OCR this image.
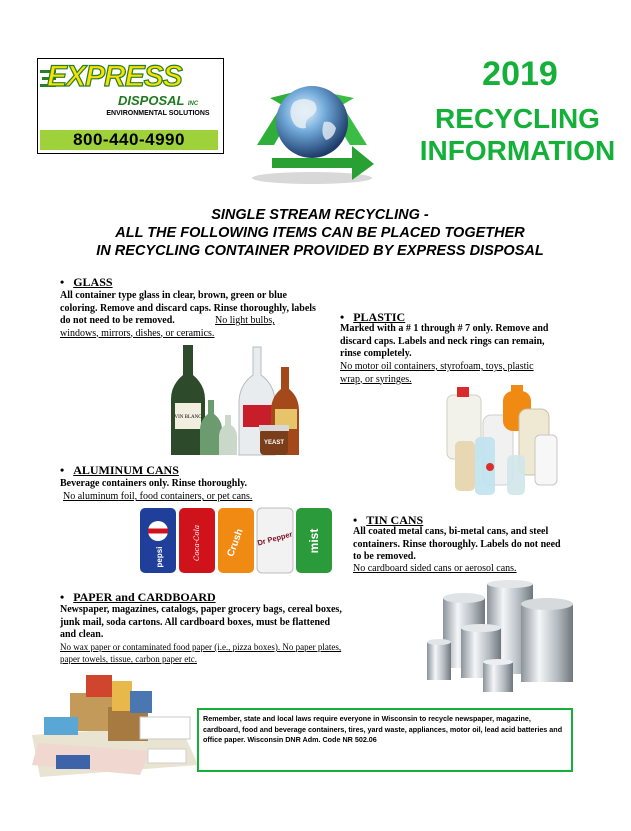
EXPRESS
DISPOSAL INC
ENVIRONMENTAL SOLUTIONS
800-440-4990
2019
RECYCLING
INFORMATION
SINGLE STREAM RECYCLING -
ALL THE FOLLOWING ITEMS CAN BE PLACED TOGETHER
IN RECYCLING CONTAINER PROVIDED BY EXPRESS DISPOSAL
•   GLASS
All container type glass in clear, brown, green or blue coloring. Remove and discard caps. Rinse thoroughly, labels do not need to be removed.	No light bulbs, windows, mirrors, dishes, or ceramics.
VIN BLANC
YEAST
•   PLASTIC
Marked with a # 1 through # 7 only. Remove and discard caps. Labels and neck rings can remain, rinse completely.
No motor oil containers, styrofoam, toys, plastic wrap, or syringes.
•   ALUMINUM CANS
Beverage containers only. Rinse thoroughly.
No aluminum foil, food containers, or pet cans.
pepsi	Coca-Cola Crush Dr Pepper mist
•   TIN CANS
All coated metal cans, bi-metal cans, and steel containers. Rinse thoroughly. Labels do not need to be removed.
No cardboard sided cans or aerosol cans.
•   PAPER and CARDBOARD
Newspaper, magazines, catalogs, paper grocery bags, cereal boxes, junk mail, soda cartons. All cardboard boxes, must be flattened and clean.
No wax paper or contaminated food paper (i.e., pizza boxes). No paper plates, paper towels, tissue, carbon paper etc.
Remember, state and local laws require everyone in Wisconsin to recycle newspaper, magazine, cardboard, food and beverage containers, tires, yard waste, appliances, motor oil, lead acid batteries and office paper. Wisconsin DNR Adm. Code NR 502.06
